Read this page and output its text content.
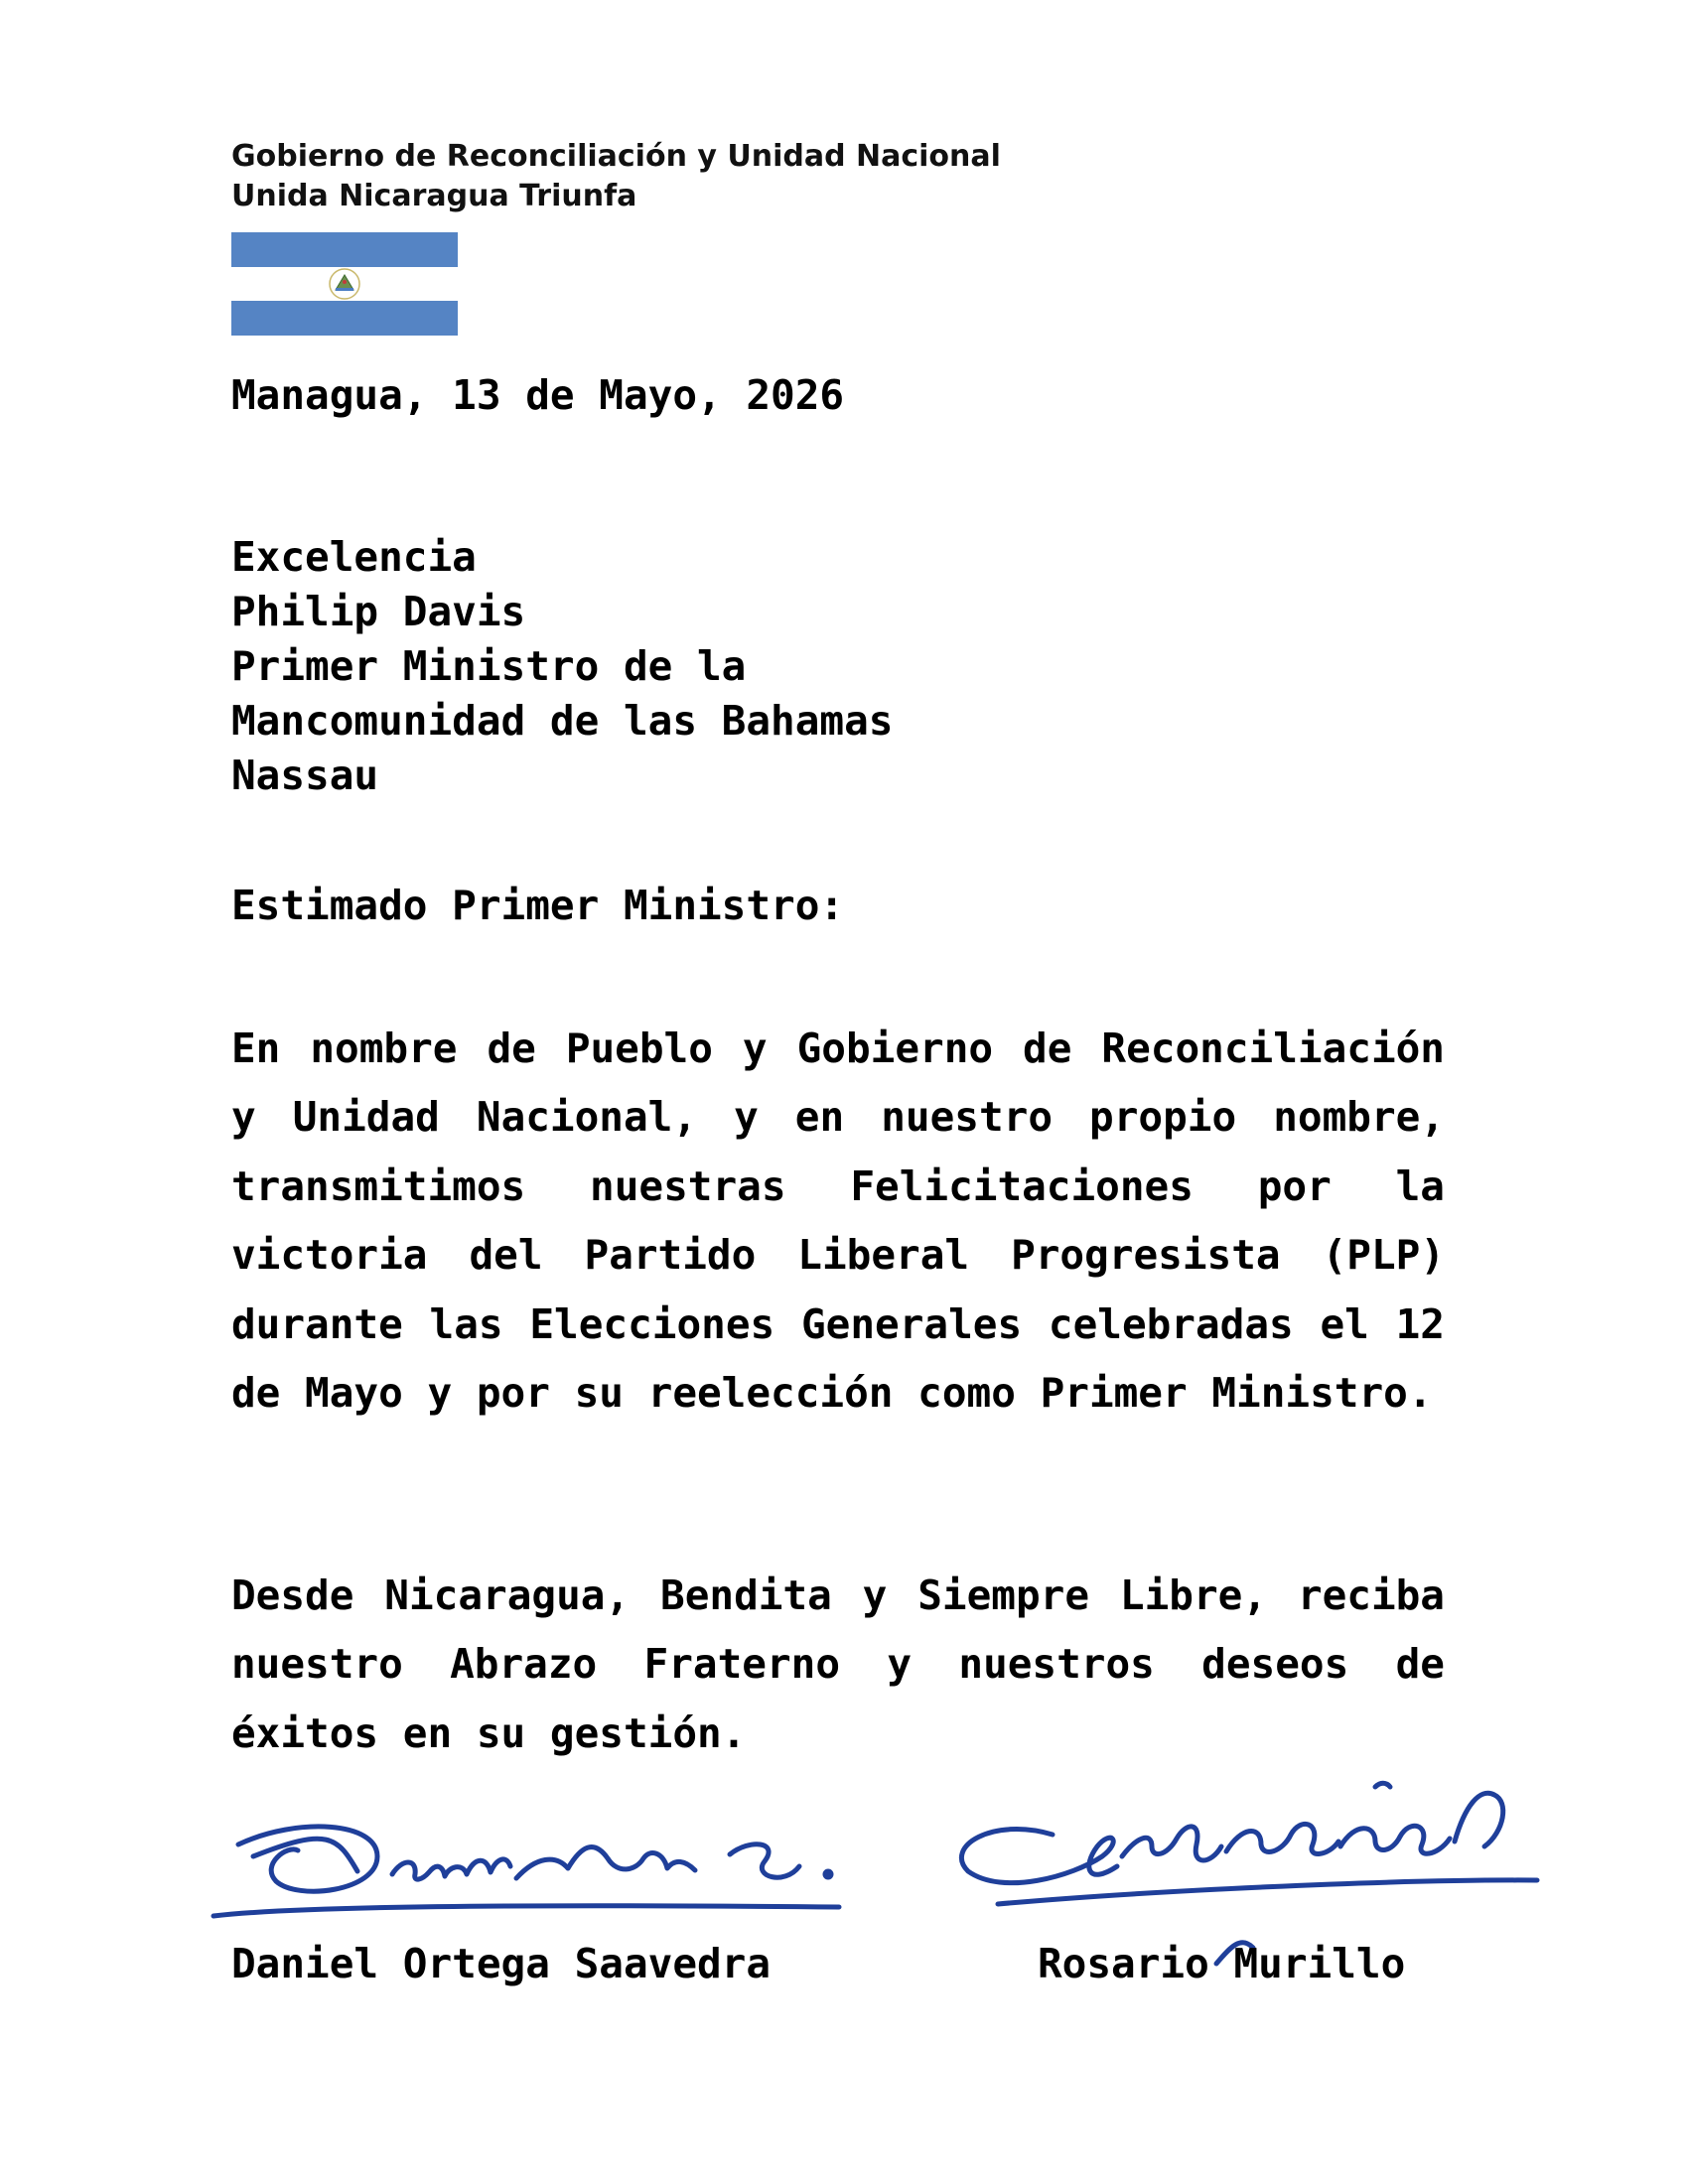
Gobierno de Reconciliación y Unidad Nacional
Unida Nicaragua Triunfa
Managua, 13 de Mayo, 2026
Excelencia
Philip Davis
Primer Ministro de la
Mancomunidad de las Bahamas
Nassau
Estimado Primer Ministro:
En nombre de Pueblo y Gobierno de Reconciliación y Unidad Nacional, y en nuestro propio nombre, transmitimos nuestras Felicitaciones por la victoria del Partido Liberal Progresista (PLP) durante las Elecciones Generales celebradas el 12 de Mayo y por su reelección como Primer Ministro.
Desde Nicaragua, Bendita y Siempre Libre, reciba nuestro Abrazo Fraterno y nuestros deseos de éxitos en su gestión.
Daniel Ortega Saavedra	Rosario Murillo
